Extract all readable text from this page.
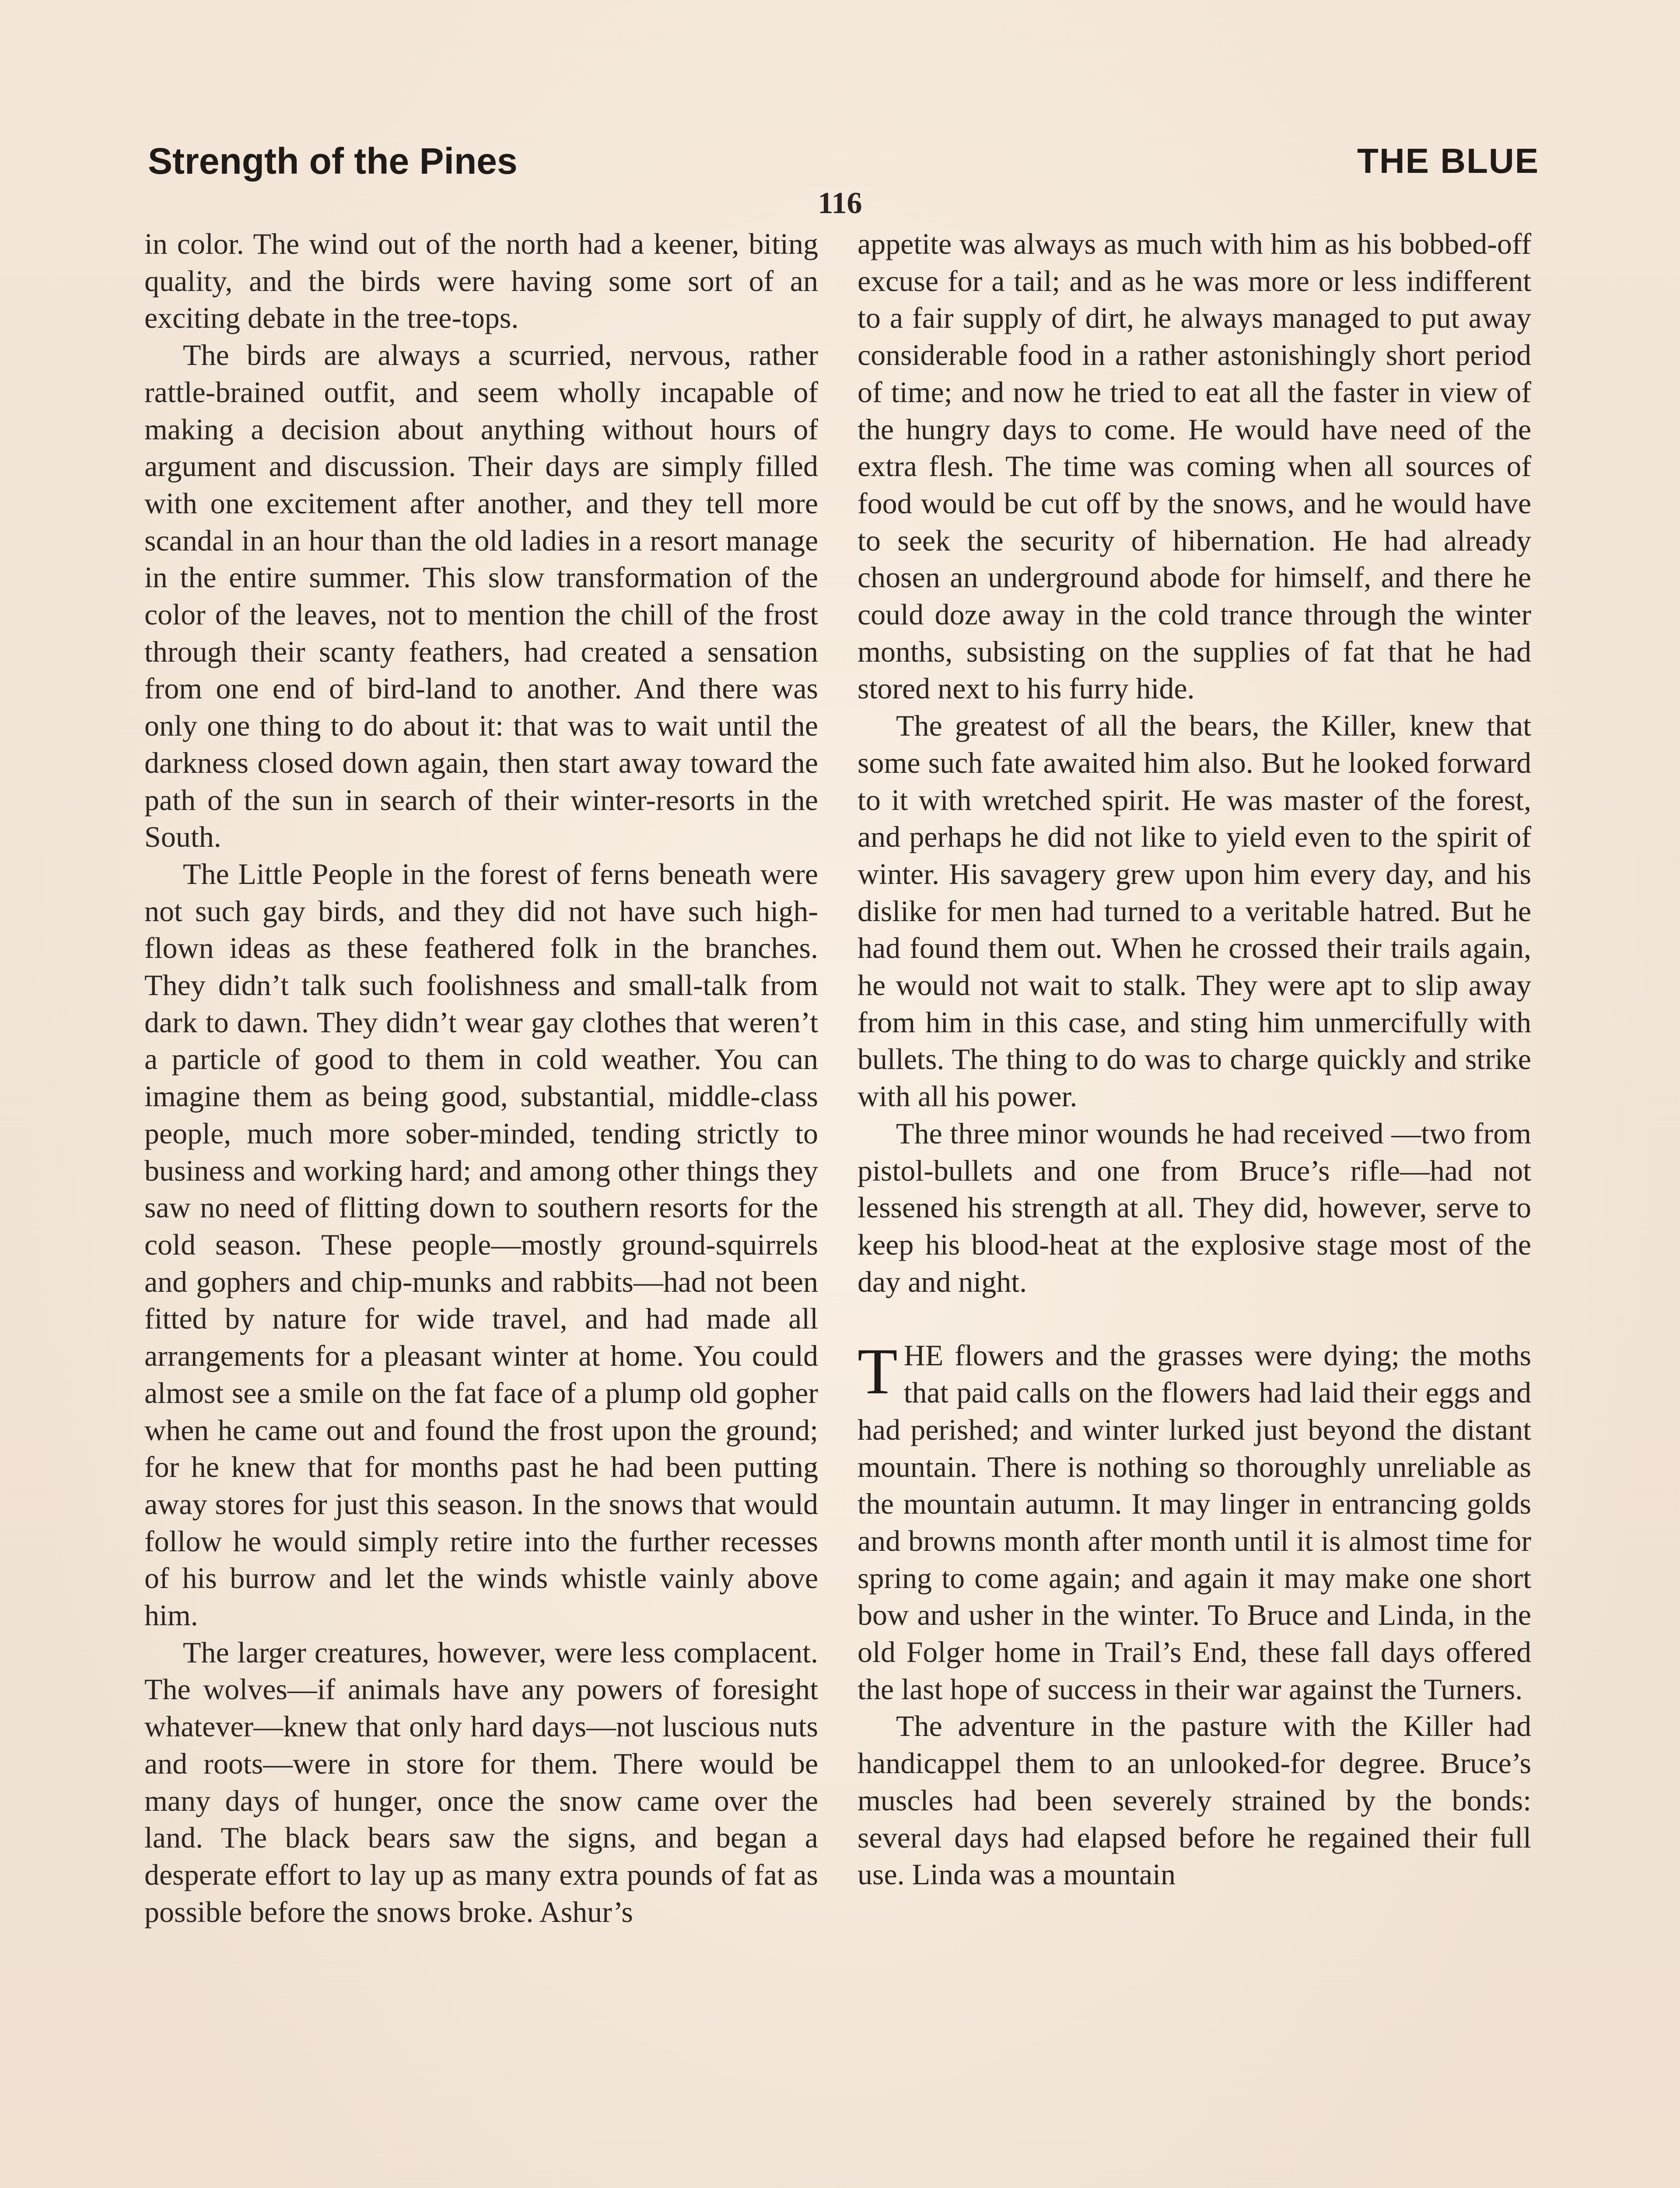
Strength of the Pines	THE BLUE
116

in color. The wind out of the north had a keener, biting quality, and the birds were having some sort of an exciting debate in the tree-tops.

The birds are always a scurried, nervous, rather rattle-brained outfit, and seem wholly incapable of making a decision about anything without hours of argument and discussion. Their days are simply filled with one excitement after another, and they tell more scandal in an hour than the old ladies in a resort manage in the entire summer. This slow transformation of the color of the leaves, not to mention the chill of the frost through their scanty feathers, had created a sensation from one end of bird-land to another. And there was only one thing to do about it: that was to wait until the darkness closed down again, then start away toward the path of the sun in search of their winter-resorts in the South.

The Little People in the forest of ferns beneath were not such gay birds, and they did not have such high-flown ideas as these feathered folk in the branches. They didn’t talk such foolishness and small-talk from dark to dawn. They didn’t wear gay clothes that weren’t a particle of good to them in cold weather. You can imagine them as being good, substantial, middle-class people, much more sober-minded, tending strictly to business and working hard; and among other things they saw no need of flitting down to southern resorts for the cold season. These people—mostly ground-squirrels and gophers and chip-munks and rabbits—had not been fitted by nature for wide travel, and had made all arrangements for a pleasant winter at home. You could almost see a smile on the fat face of a plump old gopher when he came out and found the frost upon the ground; for he knew that for months past he had been putting away stores for just this season. In the snows that would follow he would simply retire into the further recesses of his burrow and let the winds whistle vainly above him.

The larger creatures, however, were less complacent. The wolves—if animals have any powers of foresight whatever—knew that only hard days—not luscious nuts and roots—were in store for them. There would be many days of hunger, once the snow came over the land. The black bears saw the signs, and began a desperate effort to lay up as many extra pounds of fat as possible before the snows broke. Ashur’s

appetite was always as much with him as his bobbed-off excuse for a tail; and as he was more or less indifferent to a fair supply of dirt, he always managed to put away considerable food in a rather astonishingly short period of time; and now he tried to eat all the faster in view of the hungry days to come. He would have need of the extra flesh. The time was coming when all sources of food would be cut off by the snows, and he would have to seek the security of hibernation. He had already chosen an underground abode for himself, and there he could doze away in the cold trance through the winter months, subsisting on the supplies of fat that he had stored next to his furry hide.

The greatest of all the bears, the Killer, knew that some such fate awaited him also. But he looked forward to it with wretched spirit. He was master of the forest, and perhaps he did not like to yield even to the spirit of winter. His savagery grew upon him every day, and his dislike for men had turned to a veritable hatred. But he had found them out. When he crossed their trails again, he would not wait to stalk. They were apt to slip away from him in this case, and sting him unmercifully with bullets. The thing to do was to charge quickly and strike with all his power.

The three minor wounds he had received —two from pistol-bullets and one from Bruce’s rifle—had not lessened his strength at all. They did, however, serve to keep his blood-heat at the explosive stage most of the day and night.

THE flowers and the grasses were dying; the moths that paid calls on the flowers had laid their eggs and had perished; and winter lurked just beyond the distant mountain. There is nothing so thoroughly unreliable as the mountain autumn. It may linger in entrancing golds and browns month after month until it is almost time for spring to come again; and again it may make one short bow and usher in the winter. To Bruce and Linda, in the old Folger home in Trail’s End, these fall days offered the last hope of success in their war against the Turners.

The adventure in the pasture with the Killer had handicappel them to an unlooked-for degree. Bruce’s muscles had been severely strained by the bonds: several days had elapsed before he regained their full use. Linda was a mountain
